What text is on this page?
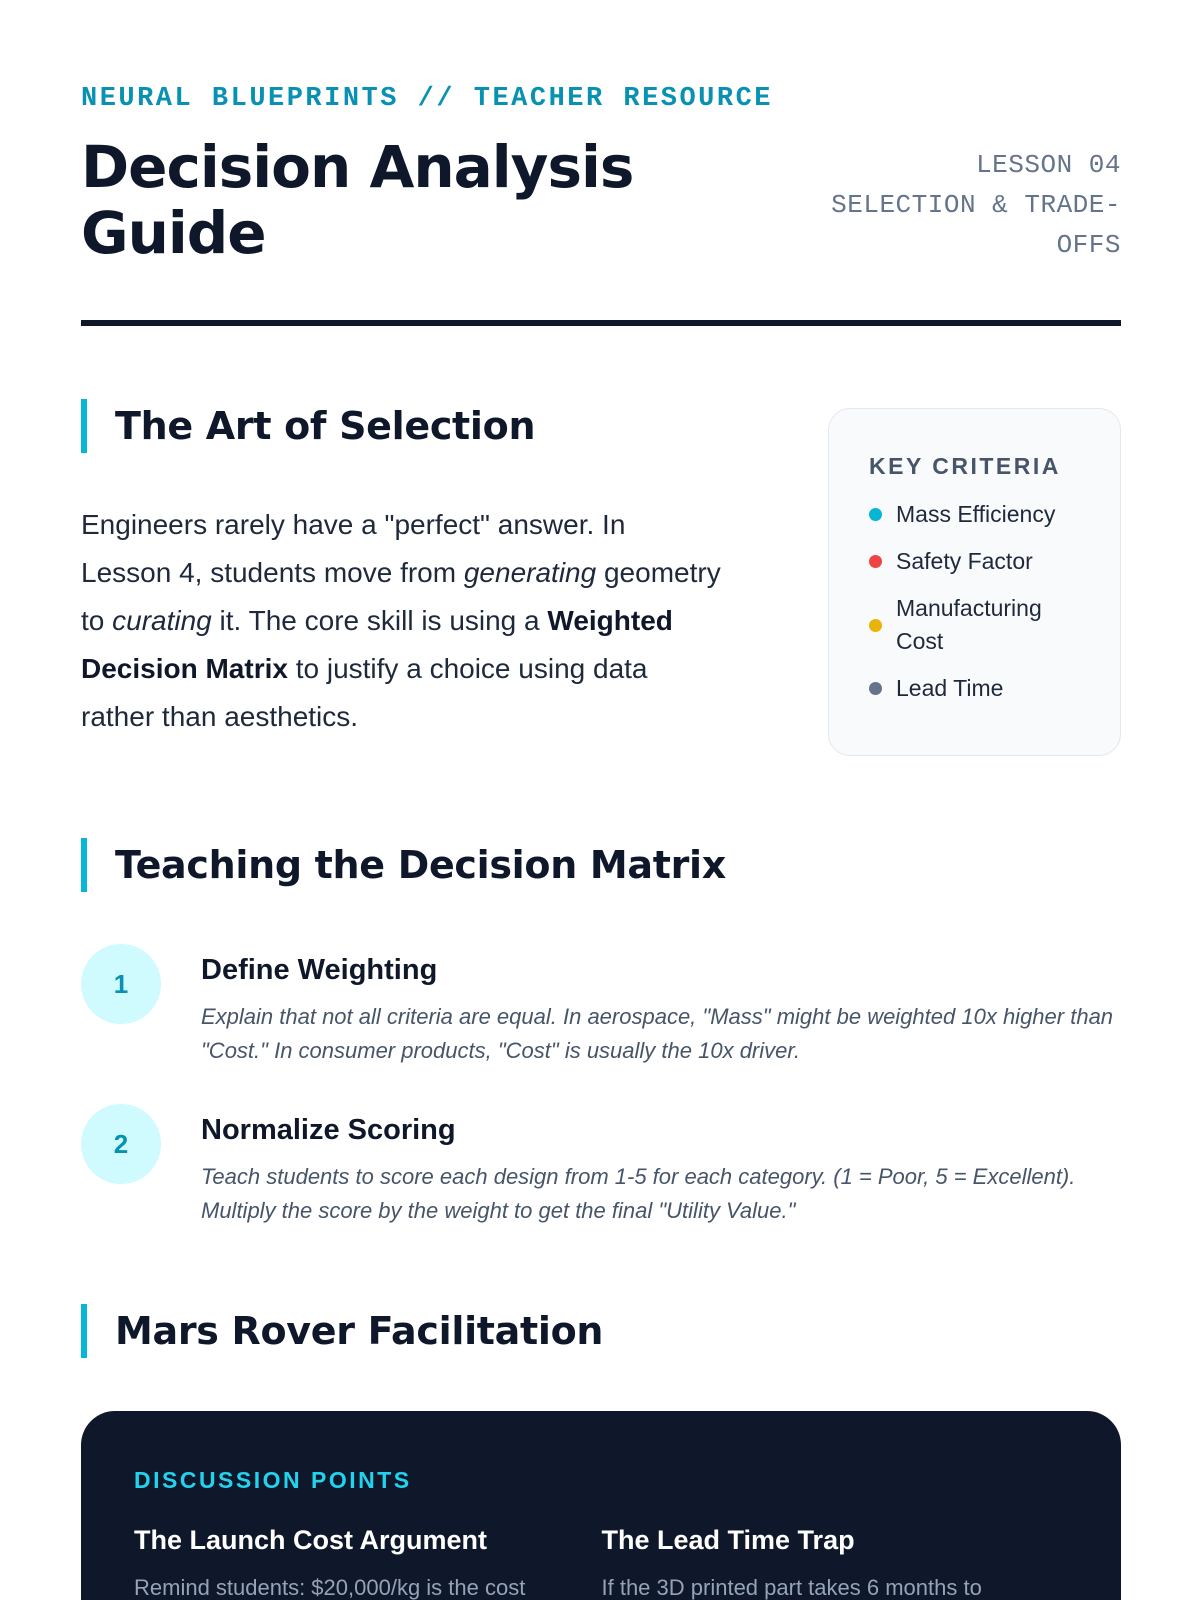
NEURAL BLUEPRINTS // TEACHER RESOURCE
Decision Analysis Guide
LESSON 04
SELECTION & TRADE-OFFS
The Art of Selection

Engineers rarely have a "perfect" answer. In Lesson 4, students move from generating geometry to curating it. The core skill is using a Weighted Decision Matrix to justify a choice using data rather than aesthetics.

KEY CRITERIA
Mass Efficiency
Safety Factor
Manufacturing Cost
Lead Time
Teaching the Decision Matrix
1	Define Weighting
Explain that not all criteria are equal. In aerospace, "Mass" might be weighted 10x higher than "Cost." In consumer products, "Cost" is usually the 10x driver.
2	Normalize Scoring
Teach students to score each design from 1-5 for each category. (1 = Poor, 5 = Excellent). Multiply the score by the weight to get the final "Utility Value."
Mars Rover Facilitation
DISCUSSION POINTS
The Launch Cost Argument

Remind students: $20,000/kg is the cost

The Lead Time Trap

If the 3D printed part takes 6 months to
